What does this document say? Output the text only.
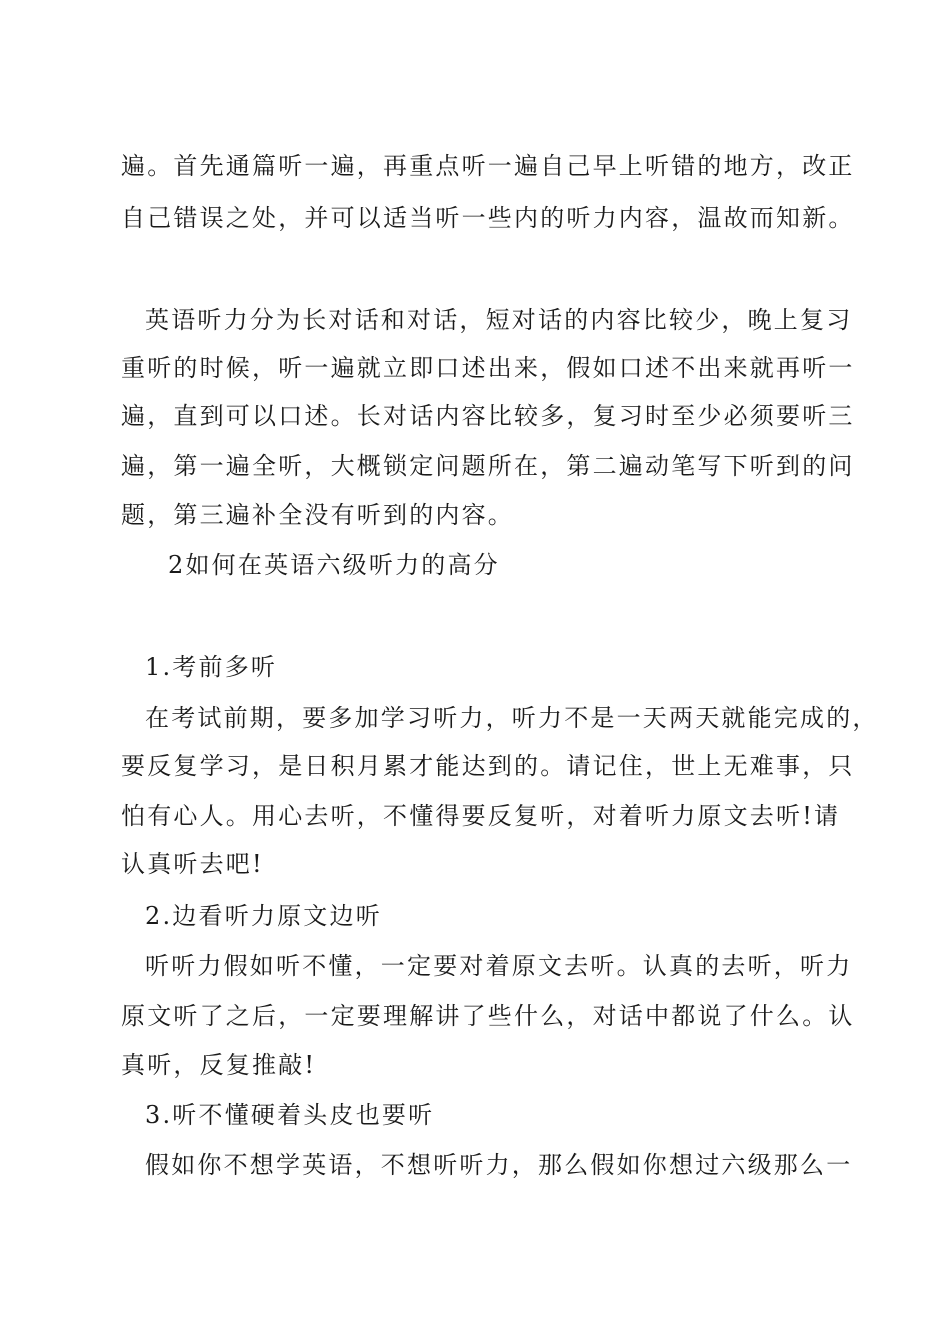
遍。首先通篇听一遍，再重点听一遍自己早上听错的地方，改正
自己错误之处，并可以适当听一些内的听力内容，温故而知新。
英语听力分为长对话和对话，短对话的内容比较少，晚上复习
重听的时候，听一遍就立即口述出来，假如口述不出来就再听一
遍，直到可以口述。长对话内容比较多，复习时至少必须要听三
遍，第一遍全听，大概锁定问题所在，第二遍动笔写下听到的问
题，第三遍补全没有听到的内容。
2如何在英语六级听力的高分
1.考前多听
在考试前期，要多加学习听力，听力不是一天两天就能完成的，
要反复学习，是日积月累才能达到的。请记住，世上无难事，只
怕有心人。用心去听，不懂得要反复听，对着听力原文去听!请
认真听去吧!
2.边看听力原文边听
听听力假如听不懂，一定要对着原文去听。认真的去听，听力
原文听了之后，一定要理解讲了些什么，对话中都说了什么。认
真听，反复推敲!
3.听不懂硬着头皮也要听
假如你不想学英语，不想听听力，那么假如你想过六级那么一
